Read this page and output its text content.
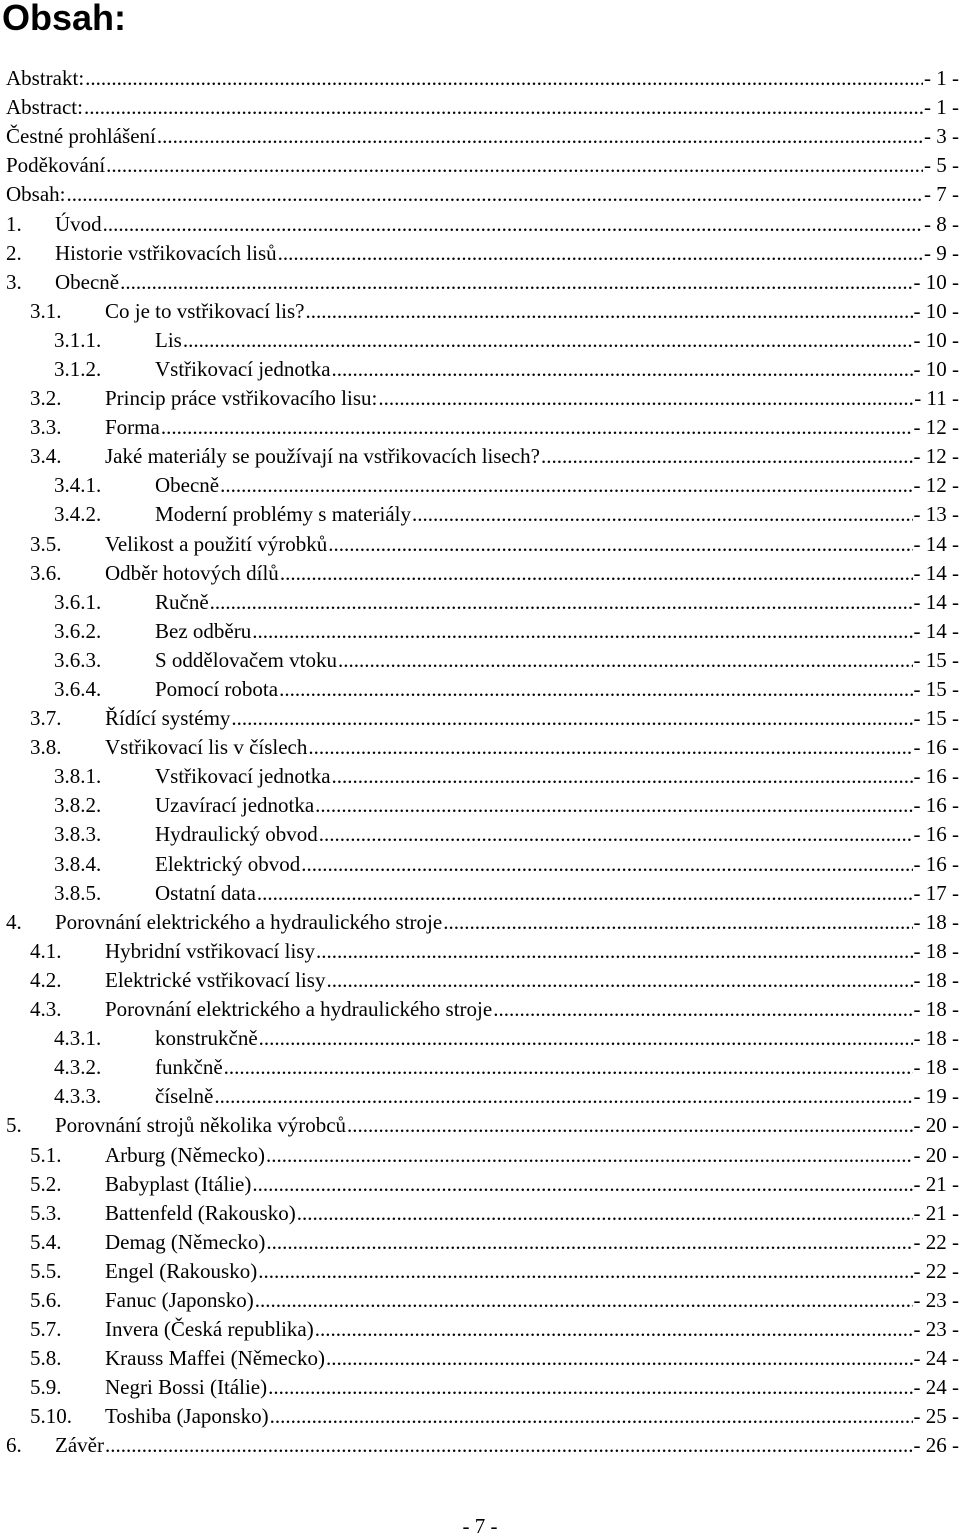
Obsah:
Abstrakt: .....	- 1 -
Abstract: .....	- 1 -
Čestné prohlášení .....	- 3 -
Poděkování .....	- 5 -
Obsah: .....	- 7 -
1.	Úvod .....	- 8 -
2.	Historie vstřikovacích lisů .....	- 9 -
3.	Obecně .....	- 10 -
3.1.	Co je to vstřikovací lis? .....	- 10 -
3.1.1.	Lis .....	- 10 -
3.1.2.	Vstřikovací jednotka .....	- 10 -
3.2.	Princip práce vstřikovacího lisu: .....	- 11 -
3.3.	Forma .....	- 12 -
3.4.	Jaké materiály se používají na vstřikovacích lisech? .....	- 12 -
3.4.1.	Obecně .....	- 12 -
3.4.2.	Moderní problémy s materiály .....	- 13 -
3.5.	Velikost a použití výrobků .....	- 14 -
3.6.	Odběr hotových dílů .....	- 14 -
3.6.1.	Ručně .....	- 14 -
3.6.2.	Bez odběru .....	- 14 -
3.6.3.	S oddělovačem vtoku .....	- 15 -
3.6.4.	Pomocí robota .....	- 15 -
3.7.	Řídící systémy .....	- 15 -
3.8.	Vstřikovací lis v číslech .....	- 16 -
3.8.1.	Vstřikovací jednotka .....	- 16 -
3.8.2.	Uzavírací jednotka .....	- 16 -
3.8.3.	Hydraulický obvod .....	- 16 -
3.8.4.	Elektrický obvod .....	- 16 -
3.8.5.	Ostatní data .....	- 17 -
4.	Porovnání elektrického a hydraulického stroje .....	- 18 -
4.1.	Hybridní vstřikovací lisy .....	- 18 -
4.2.	Elektrické vstřikovací lisy .....	- 18 -
4.3.	Porovnání elektrického a hydraulického stroje .....	- 18 -
4.3.1.	konstrukčně .....	- 18 -
4.3.2.	funkčně .....	- 18 -
4.3.3.	číselně .....	- 19 -
5.	Porovnání strojů několika výrobců .....	- 20 -
5.1.	Arburg (Německo) .....	- 20 -
5.2.	Babyplast (Itálie) .....	- 21 -
5.3.	Battenfeld (Rakousko) .....	- 21 -
5.4.	Demag (Německo) .....	- 22 -
5.5.	Engel (Rakousko) .....	- 22 -
5.6.	Fanuc (Japonsko) .....	- 23 -
5.7.	Invera (Česká republika) .....	- 23 -
5.8.	Krauss Maffei (Německo) .....	- 24 -
5.9.	Negri Bossi (Itálie) .....	- 24 -
5.10.	Toshiba (Japonsko) .....	- 25 -
6.	Závěr .....	- 26 -
- 7 -
